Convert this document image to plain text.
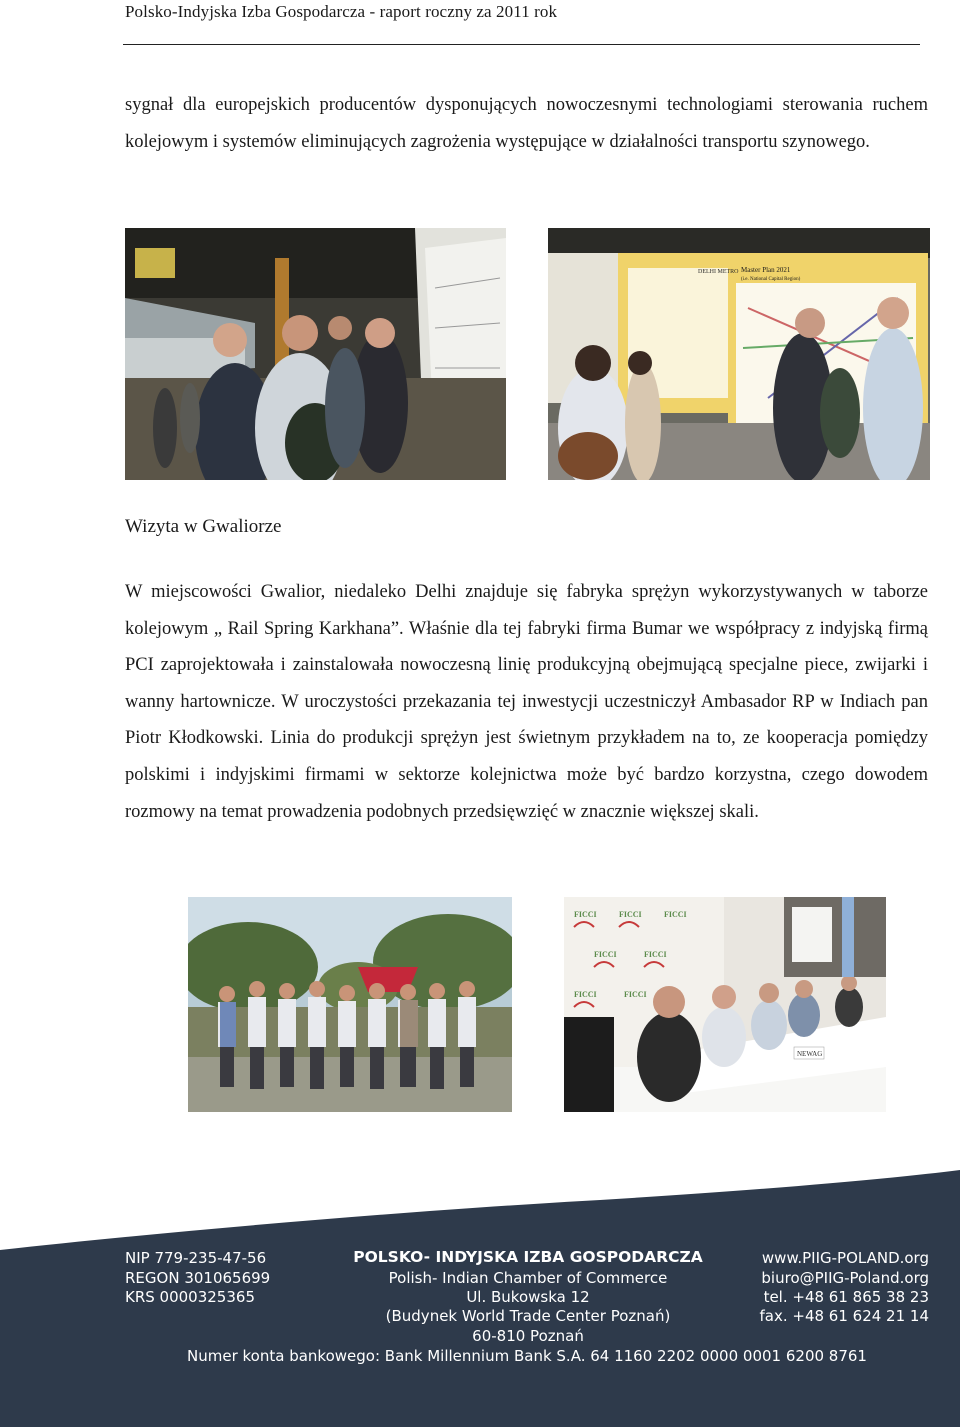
Polsko-Indyjska Izba Gospodarcza - raport roczny za 2011 rok

sygnał dla europejskich producentów dysponujących nowoczesnymi technologiami sterowania ruchem kolejowym i systemów eliminujących zagrożenia występujące w działalności transportu szynowego.

Master Plan 2021
(i.e. National Capital Region)
DELHI METRO
Wizyta w Gwaliorze

W miejscowości Gwalior, niedaleko Delhi znajduje się fabryka sprężyn wykorzystywanych w taborze kolejowym „ Rail Spring Karkhana”. Właśnie dla tej fabryki firma Bumar we współpracy z indyjską firmą PCI zaprojektowała i zainstalowała nowoczesną linię produkcyjną obejmującą specjalne piece, zwijarki i wanny hartownicze. W uroczystości przekazania tej inwestycji uczestniczył Ambasador RP w Indiach pan Piotr Kłodkowski. Linia do produkcji sprężyn jest świetnym przykładem na to, ze kooperacja pomiędzy polskimi i indyjskimi firmami w sektorze kolejnictwa może być bardzo korzystna, czego dowodem rozmowy na temat prowadzenia podobnych przedsięwzięć w znacznie większej skali.

FICCI	FICCI	FICCI
FICCI	FICCI
FICCI	FICCI
NEWAG
NIP 779-235-47-56
REGON 301065699
KRS 0000325365
POLSKO- INDYJSKA IZBA GOSPODARCZA
Polish- Indian Chamber of Commerce
Ul. Bukowska 12
(Budynek World Trade Center Poznań)
60-810 Poznań
www.PIIG-POLAND.org
biuro@PIIG-Poland.org
tel. +48 61 865 38 23
fax. +48 61 624 21 14
Numer konta bankowego: Bank Millennium Bank S.A. 64 1160 2202 0000 0001 6200 8761
